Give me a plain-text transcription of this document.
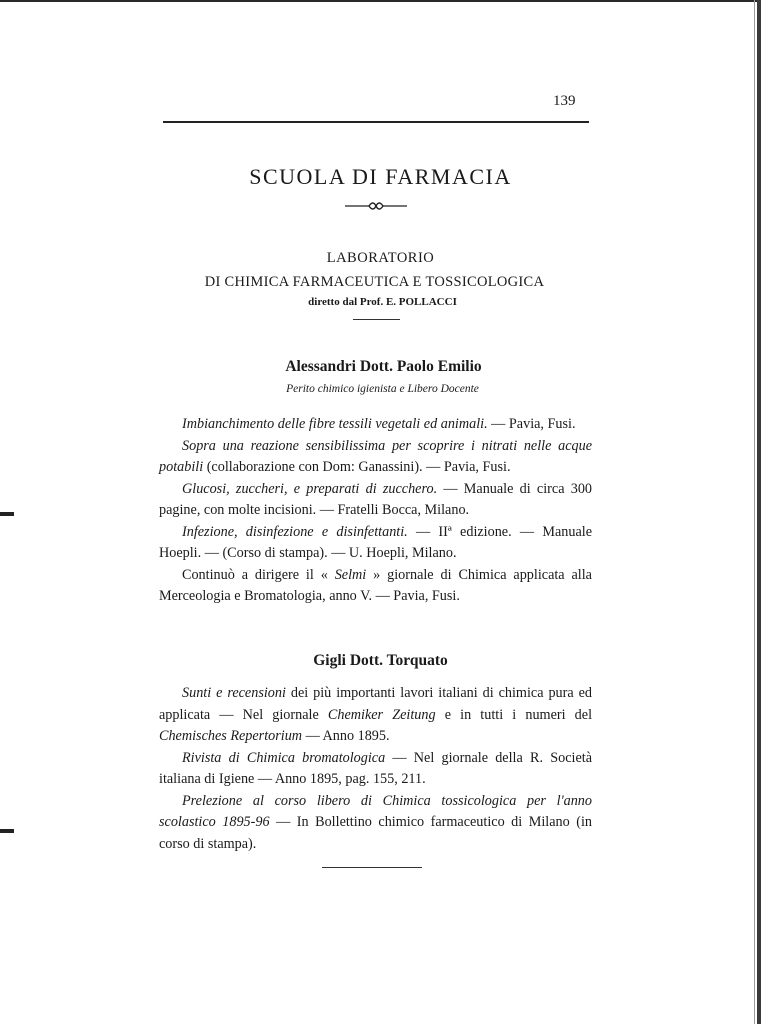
139
SCUOLA DI FARMACIA
LABORATORIO
DI CHIMICA FARMACEUTICA E TOSSICOLOGICA
diretto dal Prof. E. POLLACCI
Alessandri Dott. Paolo Emilio
Perito chimico igienista e Libero Docente

Imbianchimento delle fibre tessili vegetali ed animali. — Pavia, Fusi.

Sopra una reazione sensibilissima per scoprire i nitrati nelle acque potabili (collaborazione con Dom: Ganassini). — Pavia, Fusi.

Glucosi, zuccheri, e preparati di zucchero. — Manuale di circa 300 pagine, con molte incisioni. — Fratelli Bocca, Milano.

Infezione, disinfezione e disinfettanti. — IIª edizione. — Manuale Hoepli. — (Corso di stampa). — U. Hoepli, Milano.

Continuò a dirigere il « Selmi » giornale di Chimica applicata alla Merceologia e Bromatologia, anno V. — Pavia, Fusi.

Gigli Dott. Torquato

Sunti e recensioni dei più importanti lavori italiani di chimica pura ed applicata — Nel giornale Chemiker Zeitung e in tutti i numeri del Chemisches Repertorium — Anno 1895.

Rivista di Chimica bromatologica — Nel giornale della R. Società italiana di Igiene — Anno 1895, pag. 155, 211.

Prelezione al corso libero di Chimica tossicologica per l'anno scolastico 1895-96 — In Bollettino chimico farmaceutico di Milano (in corso di stampa).
